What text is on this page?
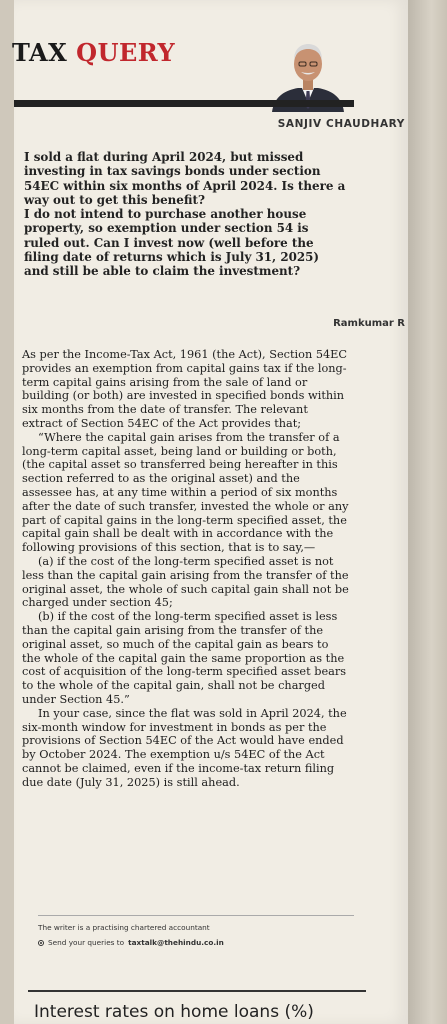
TAX QUERY
SANJIV CHAUDHARY

I sold a flat during April 2024, but missed investing in tax savings bonds under section 54EC within six months of April 2024. Is there a way out to get this benefit?

I do not intend to purchase another house property, so exemption under section 54 is ruled out. Can I invest now (well before the filing date of returns which is July 31, 2025) and still be able to claim the investment?

Ramkumar R

As per the Income-Tax Act, 1961 (the Act), Section 54EC provides an exemption from capital gains tax if the long-term capital gains arising from the sale of land or building (or both) are invested in specified bonds within six months from the date of transfer. The relevant extract of Section 54EC of the Act provides that;

“Where the capital gain arises from the transfer of a long-term capital asset, being land or building or both, (the capital asset so transferred being hereafter in this section referred to as the original asset) and the assessee has, at any time within a period of six months after the date of such transfer, invested the whole or any part of capital gains in the long-term specified asset, the capital gain shall be dealt with in accordance with the following provisions of this section, that is to say,—

(a) if the cost of the long-term specified asset is not less than the capital gain arising from the transfer of the original asset, the whole of such capital gain shall not be charged under section 45;

(b) if the cost of the long-term specified asset is less than the capital gain arising from the transfer of the original asset, so much of the capital gain as bears to the whole of the capital gain the same proportion as the cost of acquisition of the long-term specified asset bears to the whole of the capital gain, shall not be charged under Section 45.”

In your case, since the flat was sold in April 2024, the six-month window for investment in bonds as per the provisions of Section 54EC of the Act would have ended by October 2024. The exemption u/s 54EC of the Act cannot be claimed, even if the income-tax return filing due date (July 31, 2025) is still ahead.

The writer is a practising chartered accountant
Send your queries to taxtalk@thehindu.co.in
Interest rates on home loans (%)
